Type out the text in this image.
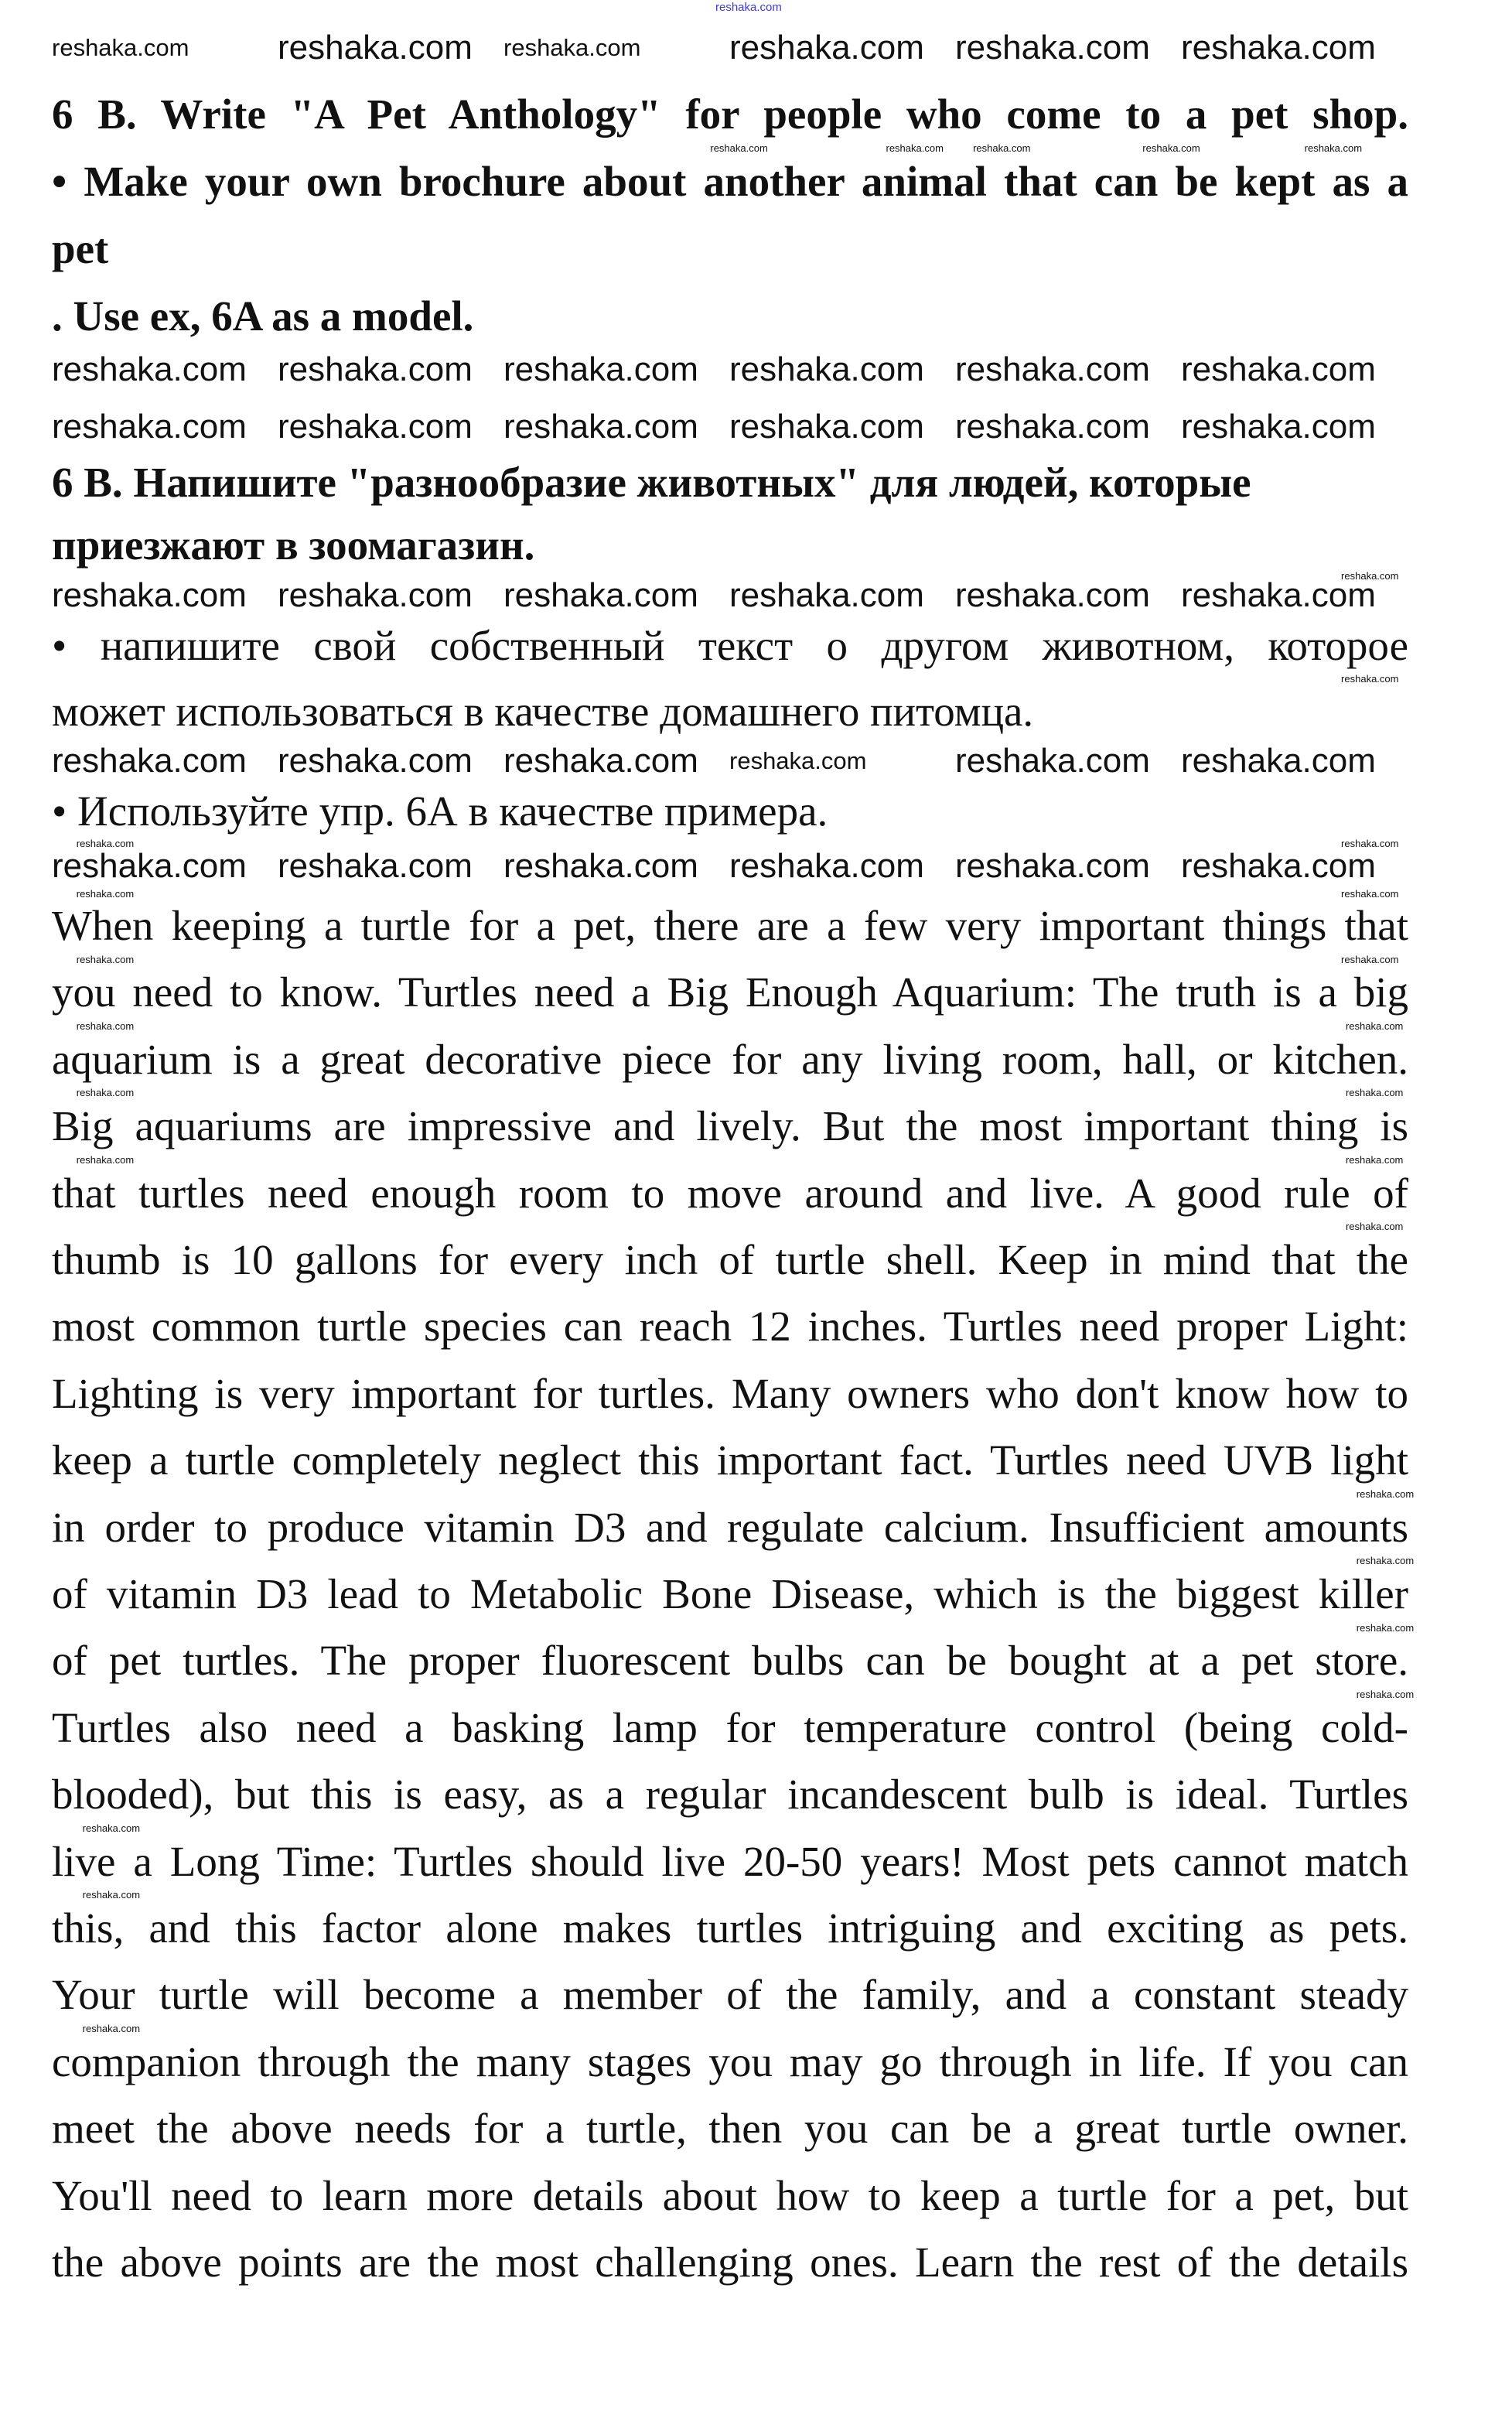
6 B. Write "A Pet Anthology" for people who come to a pet shop.
• Make your own brochure about another animal that can be kept as a
pet
. Use ex, 6A as a model.
6 В. Напишите "разнообразие животных" для людей, которые
приезжают в зоомагазин.
• напишите свой собственный текст о другом животном, которое
может использоваться в качестве домашнего питомца.
• Используйте упр. 6А в качестве примера.
When keeping a turtle for a pet, there are a few very important things that
you need to know. Turtles need a Big Enough Aquarium: The truth is a big
aquarium is a great decorative piece for any living room, hall, or kitchen.
Big aquariums are impressive and lively. But the most important thing is
that turtles need enough room to move around and live. A good rule of
thumb is 10 gallons for every inch of turtle shell. Keep in mind that the
most common turtle species can reach 12 inches. Turtles need proper Light:
Lighting is very important for turtles. Many owners who don't know how to
keep a turtle completely neglect this important fact. Turtles need UVB light
in order to produce vitamin D3 and regulate calcium. Insufficient amounts
of vitamin D3 lead to Metabolic Bone Disease, which is the biggest killer
of pet turtles. The proper fluorescent bulbs can be bought at a pet store.
Turtles also need a basking lamp for temperature control (being cold-
blooded), but this is easy, as a regular incandescent bulb is ideal. Turtles
live a Long Time: Turtles should live 20-50 years! Most pets cannot match
this, and this factor alone makes turtles intriguing and exciting as pets.
Your turtle will become a member of the family, and a constant steady
companion through the many stages you may go through in life. If you can
meet the above needs for a turtle, then you can be a great turtle owner.
You'll need to learn more details about how to keep a turtle for a pet, but
the above points are the most challenging ones. Learn the rest of the details
reshaka.com
reshaka.com	reshaka.com reshaka.com	reshaka.com reshaka.com reshaka.com
reshaka.com reshaka.com reshaka.com reshaka.com reshaka.com reshaka.com
reshaka.com reshaka.com reshaka.com reshaka.com reshaka.com reshaka.com
reshaka.com reshaka.com reshaka.com reshaka.com reshaka.com reshaka.com
reshaka.com reshaka.com reshaka.com reshaka.com	reshaka.com reshaka.com
reshaka.com reshaka.com reshaka.com reshaka.com reshaka.com reshaka.com
reshaka.com	reshaka.com	reshaka.com	reshaka.com	reshaka.com
reshaka.com
reshaka.com
reshaka.com
reshaka.com
reshaka.com
reshaka.com
reshaka.com
reshaka.com
reshaka.com
reshaka.com
reshaka.com
reshaka.com
reshaka.com
reshaka.com
reshaka.com
reshaka.com
reshaka.com
reshaka.com
reshaka.com
reshaka.com
reshaka.com
reshaka.com
